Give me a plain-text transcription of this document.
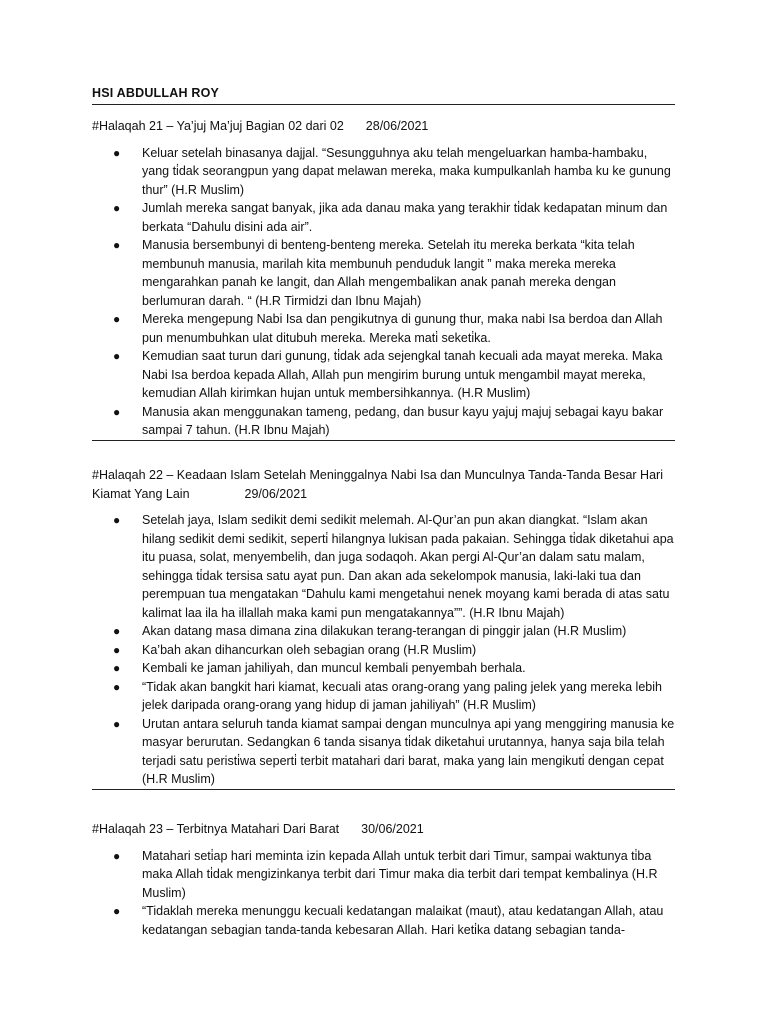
HSI ABDULLAH ROY
#Halaqah 21 – Ya’juj Ma’juj Bagian 02 dari 02 28/06/2021
● Keluar setelah binasanya dajjal. “Sesungguhnya aku telah mengeluarkan hamba-hambaku, yang ti̇dak seorangpun yang dapat melawan mereka, maka kumpulkanlah hamba ku ke gunung thur” (H.R Muslim)
● Jumlah mereka sangat banyak, jika ada danau maka yang terakhir ti̇dak kedapatan minum dan berkata “Dahulu disini ada air”.
● Manusia bersembunyi di benteng-benteng mereka. Setelah itu mereka berkata “kita telah membunuh manusia, marilah kita membunuh penduduk langit ” maka mereka mereka mengarahkan panah ke langit, dan Allah mengembalikan anak panah mereka dengan berlumuran darah. “ (H.R Tirmidzi dan Ibnu Majah)
● Mereka mengepung Nabi Isa dan pengikutnya di gunung thur, maka nabi Isa berdoa dan Allah pun menumbuhkan ulat ditubuh mereka. Mereka mati̇ seketi̇ka.
● Kemudian saat turun dari gunung, ti̇dak ada sejengkal tanah kecuali ada mayat mereka. Maka Nabi Isa berdoa kepada Allah, Allah pun mengirim burung untuk mengambil mayat mereka, kemudian Allah kirimkan hujan untuk membersihkannya. (H.R Muslim)
● Manusia akan menggunakan tameng, pedang, dan busur kayu yajuj majuj sebagai kayu bakar sampai 7 tahun. (H.R Ibnu Majah)
#Halaqah 22 – Keadaan Islam Setelah Meninggalnya Nabi Isa dan Munculnya Tanda-Tanda Besar Hari Kiamat Yang Lain	29/06/2021
● Setelah jaya, Islam sedikit demi sedikit melemah. Al-Qur’an pun akan diangkat. “Islam akan hilang sedikit demi sedikit, seperti̇ hilangnya lukisan pada pakaian. Sehingga ti̇dak diketahui apa itu puasa, solat, menyembelih, dan juga sodaqoh. Akan pergi Al-Qur’an dalam satu malam, sehingga ti̇dak tersisa satu ayat pun. Dan akan ada sekelompok manusia, laki-laki tua dan perempuan tua mengatakan “Dahulu kami mengetahui nenek moyang kami berada di atas satu kalimat laa ila ha illallah maka kami pun mengatakannya””. (H.R Ibnu Majah)
● Akan datang masa dimana zina dilakukan terang-terangan di pinggir jalan (H.R Muslim)
● Ka’bah akan dihancurkan oleh sebagian orang (H.R Muslim)
● Kembali ke jaman jahiliyah, dan muncul kembali penyembah berhala.
● “Tidak akan bangkit hari kiamat, kecuali atas orang-orang yang paling jelek yang mereka lebih jelek daripada orang-orang yang hidup di jaman jahiliyah” (H.R Muslim)
● Urutan antara seluruh tanda kiamat sampai dengan munculnya api yang menggiring manusia ke masyar berurutan. Sedangkan 6 tanda sisanya ti̇dak diketahui urutannya, hanya saja bila telah terjadi satu peristi̇wa seperti̇ terbit matahari dari barat, maka yang lain mengikuti̇ dengan cepat (H.R Muslim)
#Halaqah 23 – Terbitnya Matahari Dari Barat 30/06/2021
● Matahari seti̇ap hari meminta izin kepada Allah untuk terbit dari Timur, sampai waktunya ti̇ba maka Allah ti̇dak mengizinkanya terbit dari Timur maka dia terbit dari tempat kembalinya (H.R Muslim)
● “Tidaklah mereka menunggu kecuali kedatangan malaikat (maut), atau kedatangan Allah, atau kedatangan sebagian tanda-tanda kebesaran Allah. Hari keti̇ka datang sebagian tanda-
